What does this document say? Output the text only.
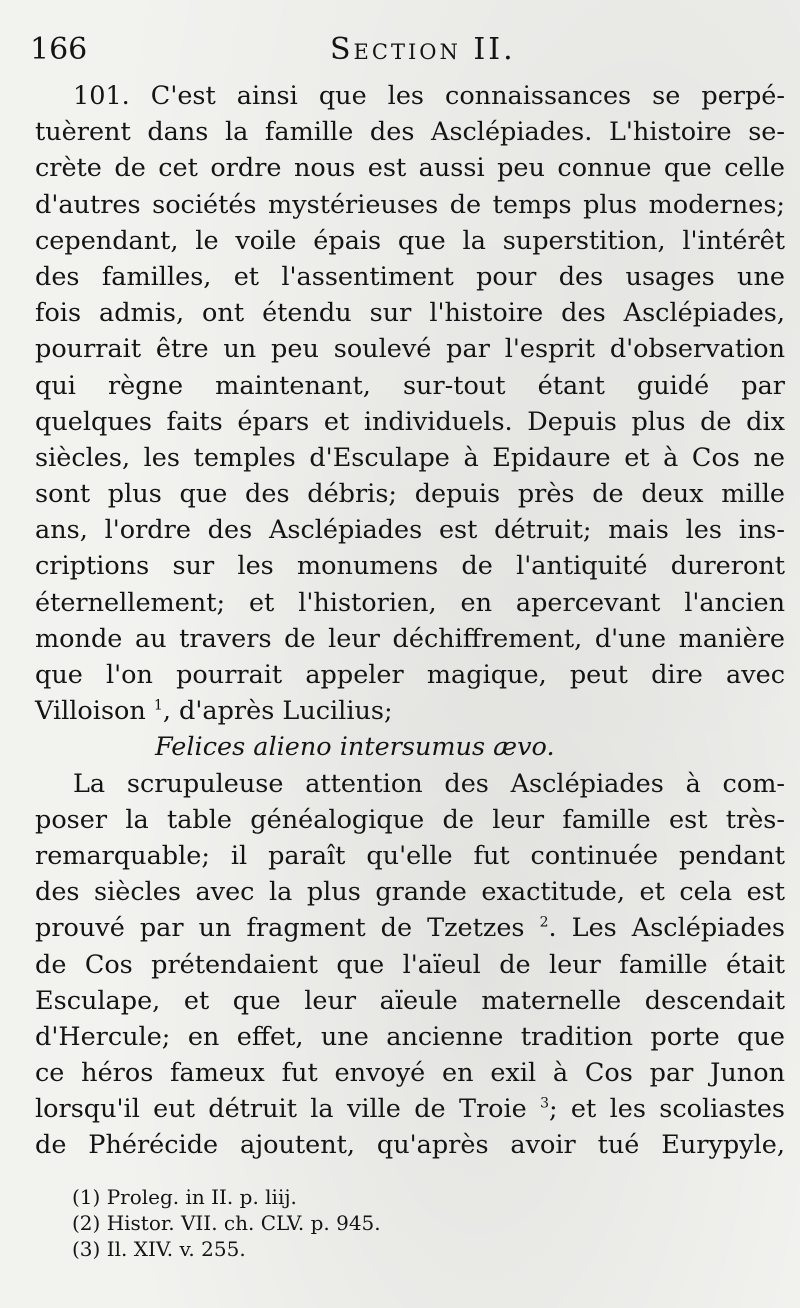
166	Section II.
101. C'est ainsi que les connaissances se perpé-
tuèrent dans la famille des Asclépiades. L'histoire se-
crète de cet ordre nous est aussi peu connue que celle
d'autres sociétés mystérieuses de temps plus modernes;
cependant, le voile épais que la superstition, l'intérêt
des familles, et l'assentiment pour des usages une
fois admis, ont étendu sur l'histoire des Asclépiades,
pourrait être un peu soulevé par l'esprit d'observation
qui règne maintenant, sur-tout étant guidé par
quelques faits épars et individuels. Depuis plus de dix
siècles, les temples d'Esculape à Epidaure et à Cos ne
sont plus que des débris; depuis près de deux mille
ans, l'ordre des Asclépiades est détruit; mais les ins-
criptions sur les monumens de l'antiquité dureront
éternellement; et l'historien, en apercevant l'ancien
monde au travers de leur déchiffrement, d'une manière
que l'on pourrait appeler magique, peut dire avec
Villoison $^1$, d'après Lucilius;
Felices alieno intersumus ævo.
La scrupuleuse attention des Asclépiades à com-
poser la table généalogique de leur famille est très-
remarquable; il paraît qu'elle fut continuée pendant
des siècles avec la plus grande exactitude, et cela est
prouvé par un fragment de Tzetzes $^2$. Les Asclépiades
de Cos prétendaient que l'aïeul de leur famille était
Esculape, et que leur aïeule maternelle descendait
d'Hercule; en effet, une ancienne tradition porte que
ce héros fameux fut envoyé en exil à Cos par Junon
lorsqu'il eut détruit la ville de Troie $^3$; et les scoliastes
de Phérécide ajoutent, qu'après avoir tué Eurypyle,
(1) Proleg. in II. p. liij.
(2) Histor. VII. ch. CLV. p. 945.
(3) Il. XIV. v. 255.
